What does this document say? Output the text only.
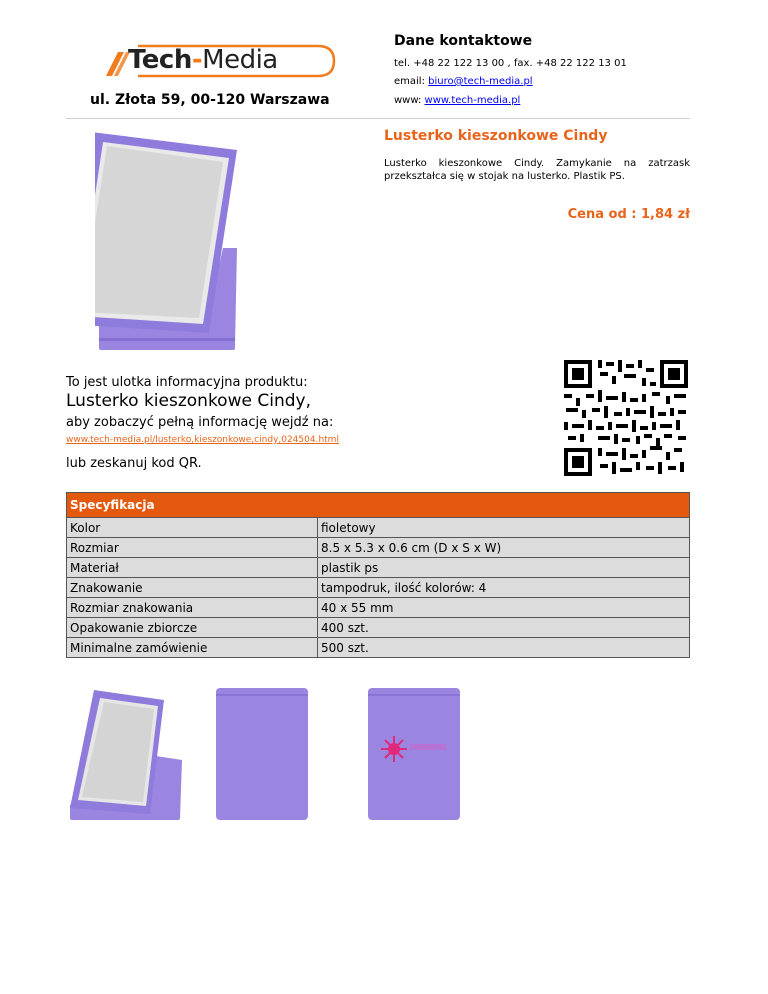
Tech-Media
ul. Złota 59, 00-120 Warszawa
Dane kontaktowe
tel. +48 22 122 13 00 , fax. +48 22 122 13 01
email: biuro@tech-media.pl
www: www.tech-media.pl
Lusterko kieszonkowe Cindy
Lusterko kieszonkowe Cindy. Zamykanie na zatrzask przekształca się w stojak na lusterko. Plastik PS.
Cena od : 1,84 zł
To jest ulotka informacyjna produktu:
Lusterko kieszonkowe Cindy,
aby zobaczyć pełną informację wejdź na:
www.tech-media.pl/lusterko,kieszonkowe,cindy,024504.html
lub zeskanuj kod QR.
Specyfikacja	
Kolor	fioletowy
Rozmiar	8.5 x 5.3 x 0.6 cm (D x S x W)
Materiał	plastik ps
Znakowanie	tampodruk, ilość kolorów: 4
Rozmiar znakowania	40 x 55 mm
Opakowanie zbiorcze	400 szt.
Minimalne zamówienie	500 szt.
